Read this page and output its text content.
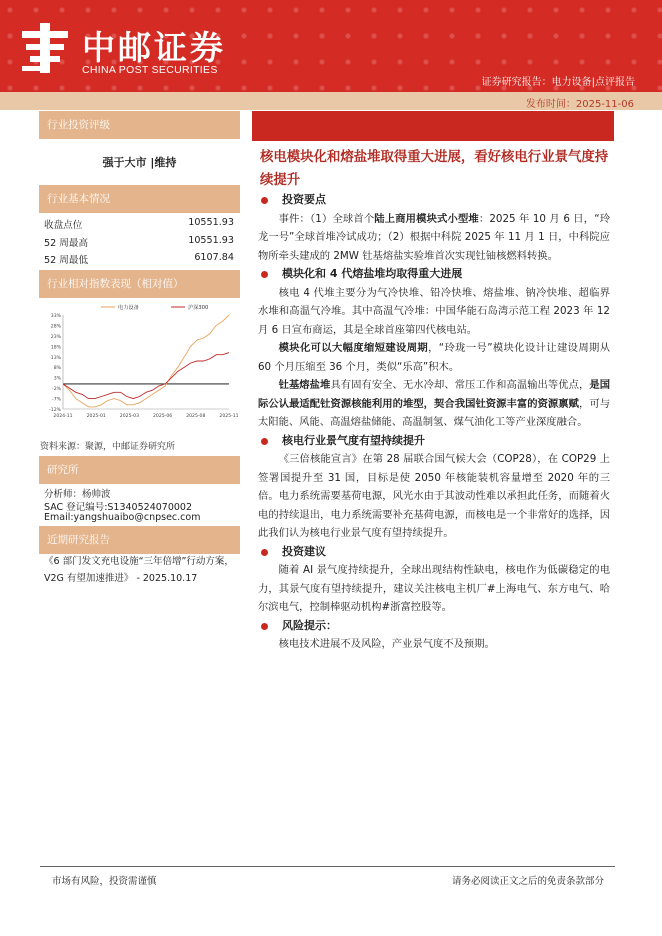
中邮证券
CHINA POST SECURITIES
证券研究报告：电力设备|点评报告
发布时间：2025-11-06
行业投资评级
强于大市 |维持
行业基本情况
收盘点位	10551.93
52 周最高	10551.93
52 周最低	6107.84
行业相对指数表现（相对值）
33%
28%
23%
18%
13%
8%
3%
-2%
-7%
-12%
2024-11	2025-01	2025-03	2025-06	2025-08	2025-11
电力设备	沪深300
资料来源：聚源，中邮证券研究所
研究所
分析师：杨帅波
SAC 登记编号:S1340524070002
Email:yangshuaibo@cnpsec.com
近期研究报告
《6 部门发文充电设施“三年倍增”行动方案，V2G 有望加速推进》 - 2025.10.17
核电模块化和熔盐堆取得重大进展，看好核电行业景气度持续提升

投资要点

事件：（1）全球首个陆上商用模块式小型堆：2025 年 10 月 6 日，“玲龙一号”全球首堆冷试成功；（2）根据中科院 2025 年 11 月 1 日，中科院应物所牵头建成的 2MW 钍基熔盐实验堆首次实现钍铀核燃料转换。

模块化和 4 代熔盐堆均取得重大进展

核电 4 代堆主要分为气冷快堆、铅冷快堆、熔盐堆、钠冷快堆、超临界水堆和高温气冷堆。其中高温气冷堆：中国华能石岛湾示范工程 2023 年 12 月 6 日宣布商运，其是全球首座第四代核电站。

模块化可以大幅度缩短建设周期，“玲珑一号”模块化设计让建设周期从 60 个月压缩至 36 个月，类似“乐高”积木。

钍基熔盐堆具有固有安全、无水冷却、常压工作和高温输出等优点，是国际公认最适配钍资源核能利用的堆型，契合我国钍资源丰富的资源禀赋，可与太阳能、风能、高温熔盐储能、高温制氢、煤气油化工等产业深度融合。

核电行业景气度有望持续提升

《三倍核能宣言》在第 28 届联合国气候大会（COP28），在 COP29 上签署国提升至 31 国，目标是使 2050 年核能装机容量增至 2020 年的三倍。电力系统需要基荷电源，风光水由于其波动性难以承担此任务，而随着火电的持续退出，电力系统需要补充基荷电源，而核电是一个非常好的选择，因此我们认为核电行业景气度有望持续提升。

投资建议

随着 AI 景气度持续提升，全球出现结构性缺电，核电作为低碳稳定的电力，其景气度有望持续提升，建议关注核电主机厂#上海电气、东方电气、哈尔滨电气，控制棒驱动机构#浙富控股等。

风险提示：

核电技术进展不及风险，产业景气度不及预期。

市场有风险，投资需谨慎	请务必阅读正文之后的免责条款部分
